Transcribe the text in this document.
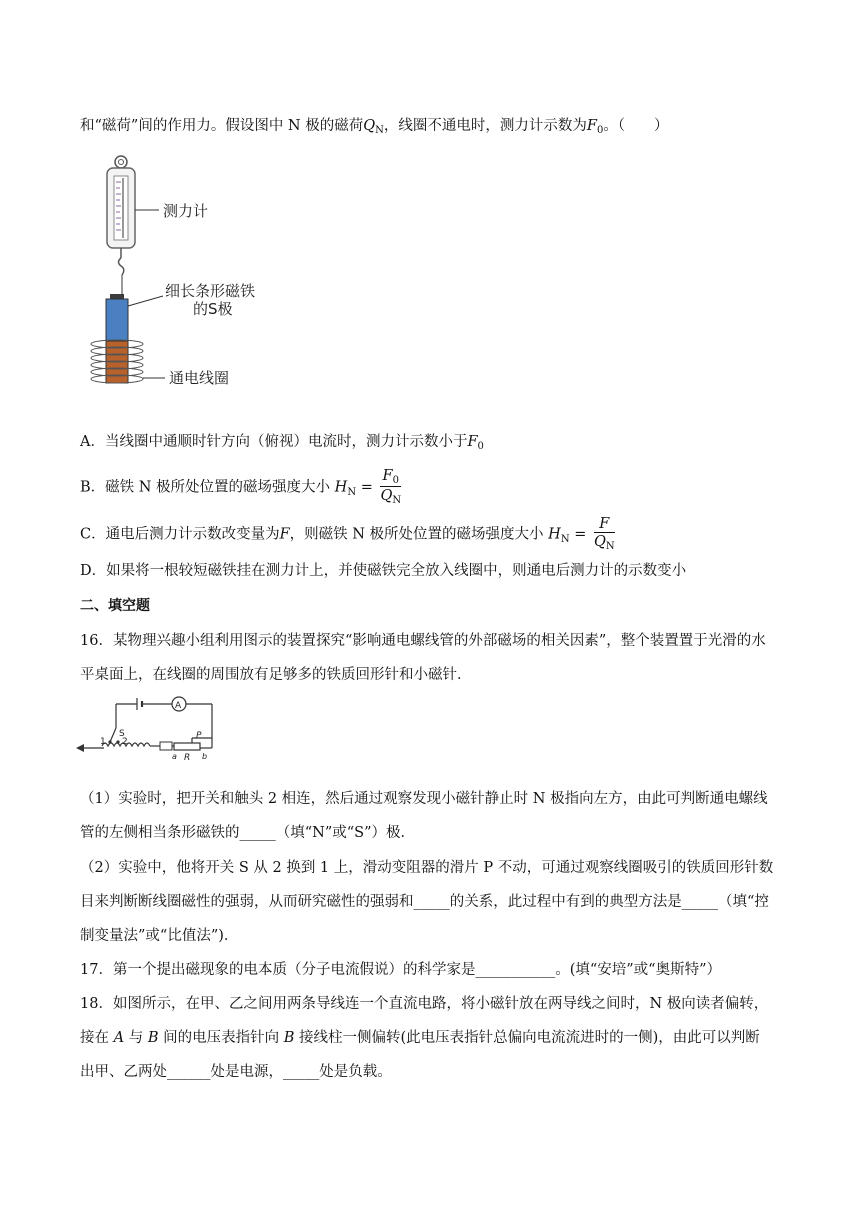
和“磁荷”间的作用力。假设图中 N 极的磁荷$Q_N$，线圈不通电时，测力计示数为$F_0$。（　　）
测力计
细长条形磁铁
的S极
通电线圈
A．当线圈中通顺时针方向（俯视）电流时，测力计示数小于$F_0$
B．磁铁 N 极所处位置的磁场强度大小 $H_N = \frac{F_0}{Q_N}$
C．通电后测力计示数改变量为F，则磁铁 N 极所处位置的磁场强度大小 $H_N = \frac{F}{Q_N}$
D．如果将一根较短磁铁挂在测力计上，并使磁铁完全放入线圈中，则通电后测力计的示数变小
二、填空题
16．某物理兴趣小组利用图示的装置探究“影响通电螺线管的外部磁场的相关因素”，整个装置置于光滑的水
平桌面上，在线圈的周围放有足够多的铁质回形针和小磁针．
A
S
1 2
R
P
a	b
（1）实验时，把开关和触头 2 相连，然后通过观察发现小磁针静止时 N 极指向左方，由此可判断通电螺线
管的左侧相当条形磁铁的_____（填“N”或“S”）极．
（2）实验中，他将开关 S 从 2 换到 1 上，滑动变阻器的滑片 P 不动，可通过观察线圈吸引的铁质回形针数
目来判断断线圈磁性的强弱，从而研究磁性的强弱和_____的关系，此过程中有到的典型方法是_____（填“控
制变量法”或“比值法”)．
17．第一个提出磁现象的电本质（分子电流假说）的科学家是___________。(填“安培”或“奥斯特”）
18．如图所示，在甲、乙之间用两条导线连一个直流电路，将小磁针放在两导线之间时，N 极向读者偏转，
接在 A 与 B 间的电压表指针向 B 接线柱一侧偏转(此电压表指针总偏向电流流进时的一侧)，由此可以判断
出甲、乙两处______处是电源，_____处是负载。
